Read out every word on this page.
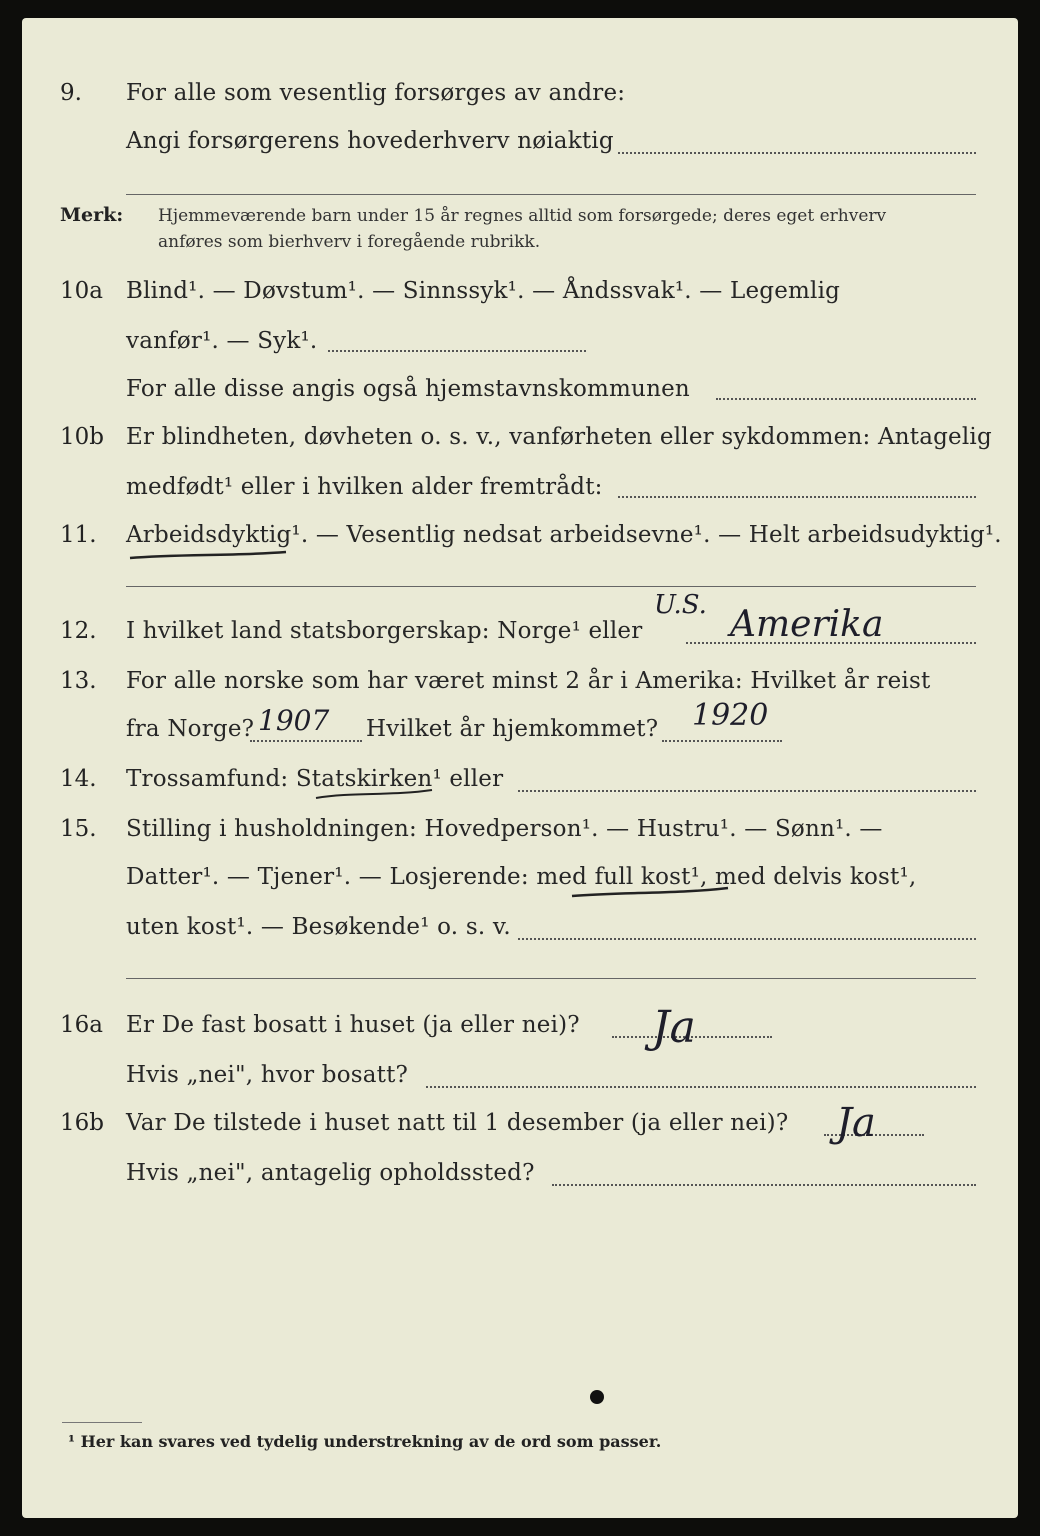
9. For alle som vesentlig forsørges av andre:
Angi forsørgerens hovederhverv nøiaktig
Merk: Hjemmeværende barn under 15 år regnes alltid som forsørgede; deres eget erhverv
anføres som bierhverv i foregående rubrikk.
10a Blind¹. — Døvstum¹. — Sinnssyk¹. — Åndssvak¹. — Legemlig
vanfør¹. — Syk¹.
For alle disse angis også hjemstavnskommunen
10b Er blindheten, døvheten o. s. v., vanførheten eller sykdommen: Antagelig
medfødt¹ eller i hvilken alder fremtrådt:
11. Arbeidsdyktig¹. — Vesentlig nedsat arbeidsevne¹. — Helt arbeidsudyktig¹.
12. I hvilket land statsborgerskap: Norge¹ eller
U.S. Amerika
13. For alle norske som har været minst 2 år i Amerika: Hvilket år reist
fra Norge?	Hvilket år hjemkommet?
1907	1920
14. Trossamfund: Statskirken¹ eller
15. Stilling i husholdningen: Hovedperson¹. — Hustru¹. — Sønn¹. —
Datter¹. — Tjener¹. — Losjerende: med full kost¹, med delvis kost¹,
uten kost¹. — Besøkende¹ o. s. v.
16a Er De fast bosatt i huset (ja eller nei)? Ja
Hvis „nei", hvor bosatt?
16b Var De tilstede i huset natt til 1 desember (ja eller nei)? Ja
Hvis „nei", antagelig opholdssted?
¹ Her kan svares ved tydelig understrekning av de ord som passer.
